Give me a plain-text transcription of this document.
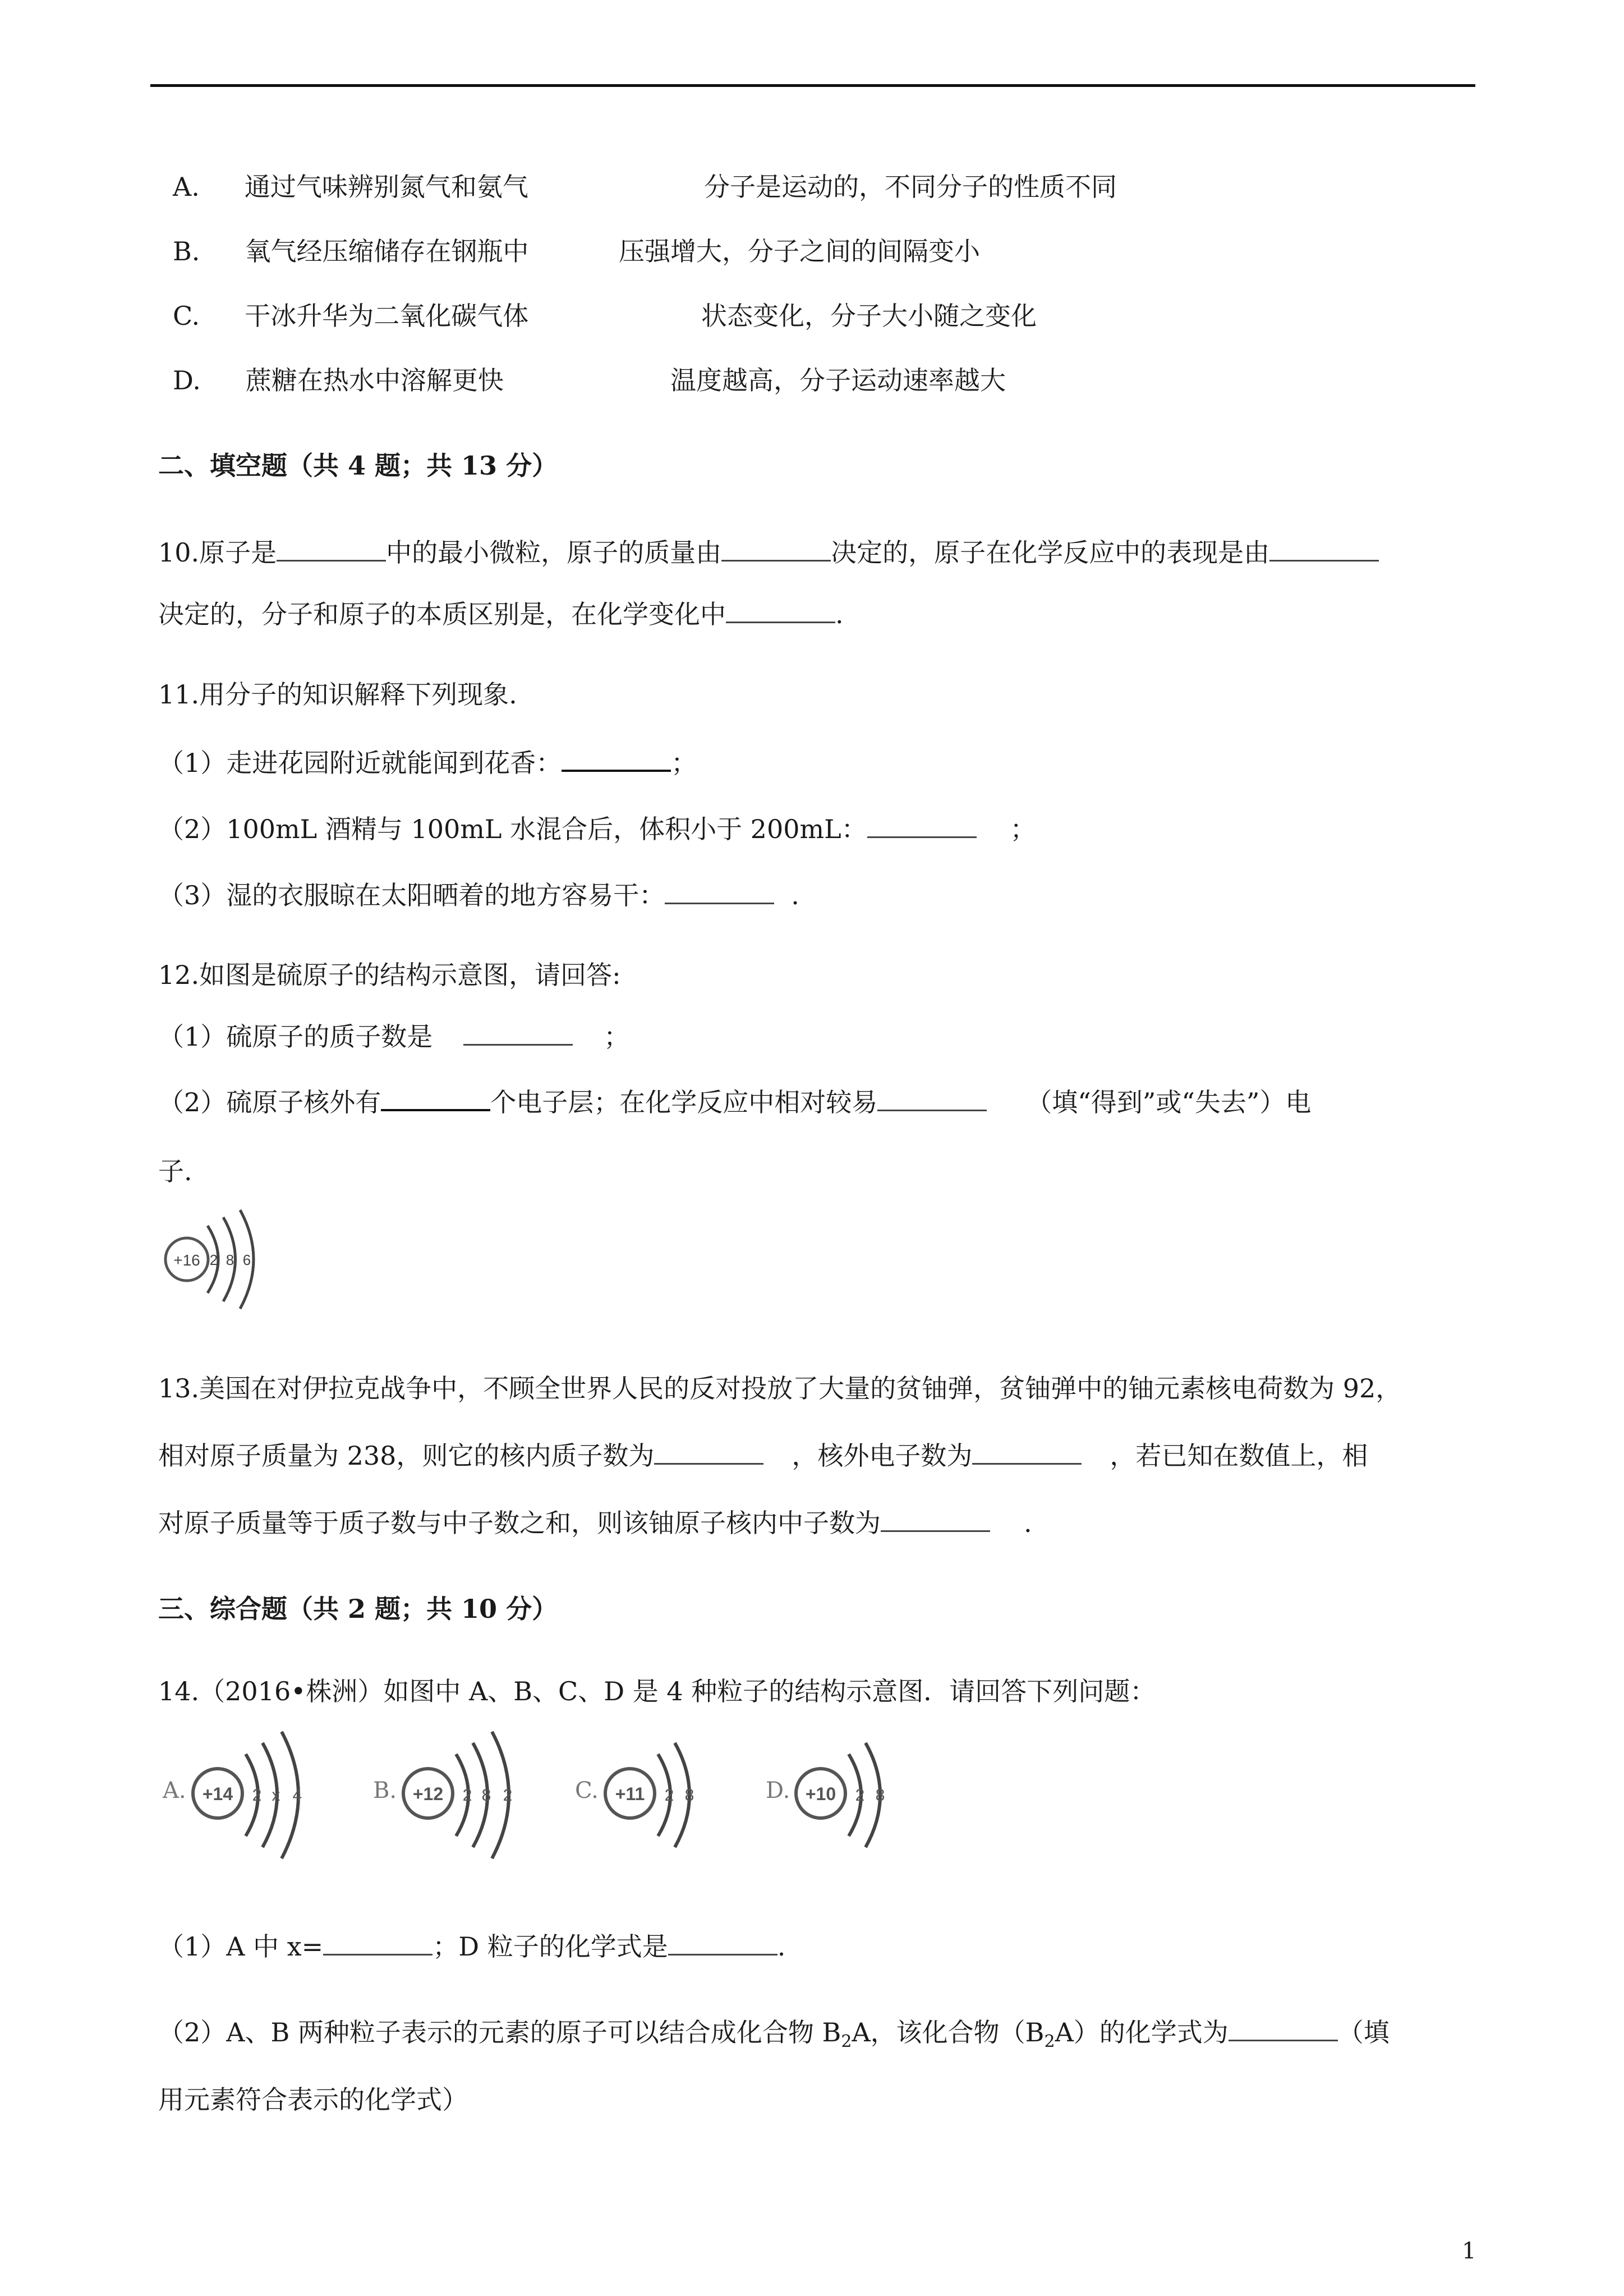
A. 通过气味辨别氮气和氨气	分子是运动的，不同分子的性质不同
B. 氧气经压缩储存在钢瓶中	压强增大，分子之间的间隔变小
C. 干冰升华为二氧化碳气体	状态变化，分子大小随之变化
D. 蔗糖在热水中溶解更快	温度越高，分子运动速率越大
二、填空题（共 4 题；共 13 分）
10.原子是	中的最小微粒，原子的质量由	决定的，原子在化学反应中的表现是由
决定的，分子和原子的本质区别是，在化学变化中	.
11.用分子的知识解释下列现象.
（1）走进花园附近就能闻到花香：	；
（2）100mL 酒精与 100mL 水混合后，体积小于 200mL：	；
（3）湿的衣服晾在太阳晒着的地方容易干：	.
12.如图是硫原子的结构示意图，请回答:
（1）硫原子的质子数是	；
（2）硫原子核外有	个电子层；在化学反应中相对较易	（填“得到”或“失去”）电
子.
+16 2 8 6
13.美国在对伊拉克战争中，不顾全世界人民的反对投放了大量的贫铀弹，贫铀弹中的铀元素核电荷数为 92，
相对原子质量为 238，则它的核内质子数为	，核外电子数为	，若已知在数值上，相
对原子质量等于质子数与中子数之和，则该铀原子核内中子数为	.
三、综合题（共 2 题；共 10 分）
14.（2016•株洲）如图中 A、B、C、D 是 4 种粒子的结构示意图．请回答下列问题：
A. +14 2 x 4	B. +12 2 8 2	C. +11 2 8	D. +10 2 8
（1）A 中 x=	；D 粒子的化学式是	.
（2）A、B 两种粒子表示的元素的原子可以结合成化合物 $B_2A$，该化合物$(B_2A)$的化学式为	（填
用元素符合表示的化学式）
1
